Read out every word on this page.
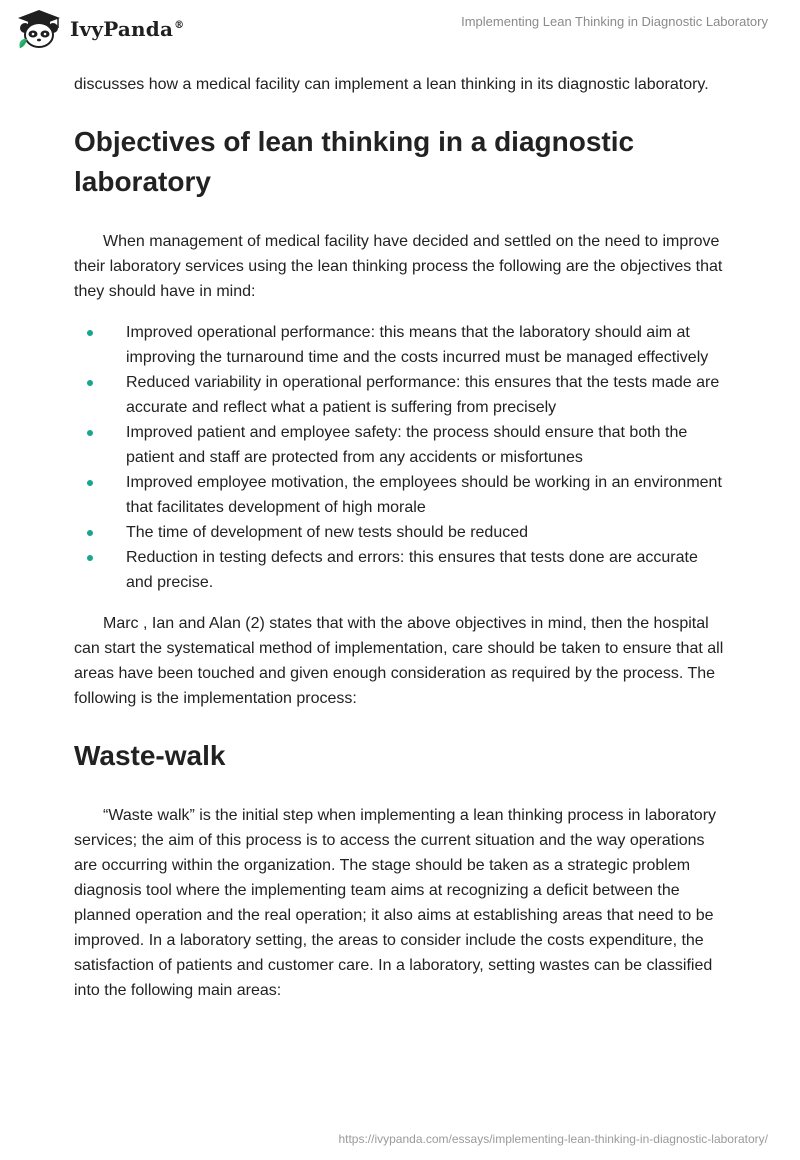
IvyPanda®	Implementing Lean Thinking in Diagnostic Laboratory

discusses how a medical facility can implement a lean thinking in its diagnostic laboratory.

Objectives of lean thinking in a diagnostic laboratory

When management of medical facility have decided and settled on the need to improve their laboratory services using the lean thinking process the following are the objectives that they should have in mind:

Improved operational performance: this means that the laboratory should aim at improving the turnaround time and the costs incurred must be managed effectively
Reduced variability in operational performance: this ensures that the tests made are accurate and reflect what a patient is suffering from precisely
Improved patient and employee safety: the process should ensure that both the patient and staff are protected from any accidents or misfortunes
Improved employee motivation, the employees should be working in an environment that facilitates development of high morale
The time of development of new tests should be reduced
Reduction in testing defects and errors: this ensures that tests done are accurate and precise.

Marc , Ian and Alan (2) states that with the above objectives in mind, then the hospital can start the systematical method of implementation, care should be taken to ensure that all areas have been touched and given enough consideration as required by the process. The following is the implementation process:

Waste-walk

“Waste walk” is the initial step when implementing a lean thinking process in laboratory services; the aim of this process is to access the current situation and the way operations are occurring within the organization. The stage should be taken as a strategic problem diagnosis tool where the implementing team aims at recognizing a deficit between the planned operation and the real operation; it also aims at establishing areas that need to be improved. In a laboratory setting, the areas to consider include the costs expenditure, the satisfaction of patients and customer care. In a laboratory, setting wastes can be classified into the following main areas:

https://ivypanda.com/essays/implementing-lean-thinking-in-diagnostic-laboratory/
